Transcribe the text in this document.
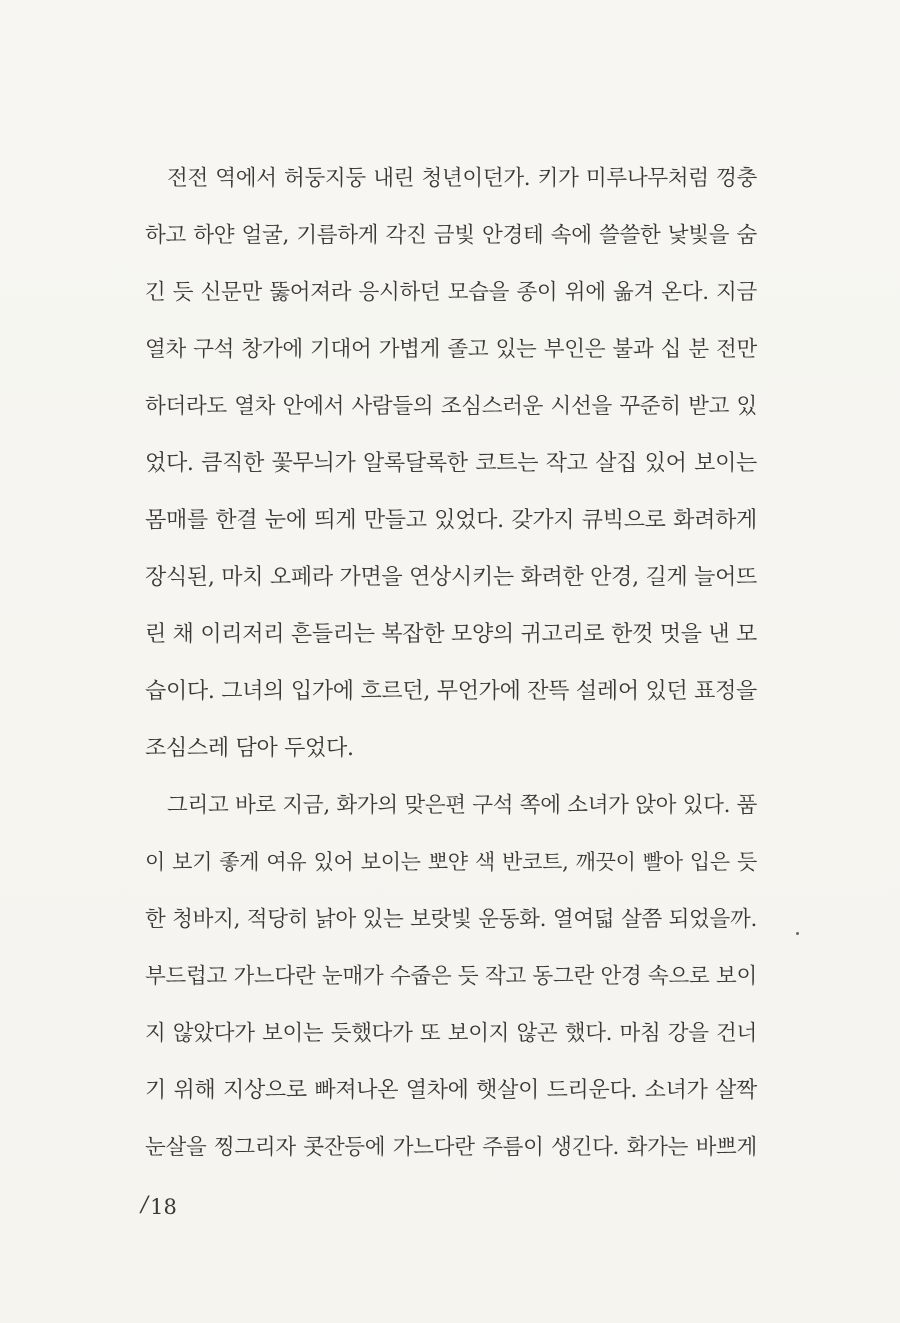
전전 역에서 허둥지둥 내린 청년이던가. 키가 미루나무처럼 껑충
하고 하얀 얼굴, 기름하게 각진 금빛 안경테 속에 쓸쓸한 낯빛을 숨
긴 듯 신문만 뚫어져라 응시하던 모습을 종이 위에 옮겨 온다. 지금
열차 구석 창가에 기대어 가볍게 졸고 있는 부인은 불과 십 분 전만
하더라도 열차 안에서 사람들의 조심스러운 시선을 꾸준히 받고 있
었다. 큼직한 꽃무늬가 알록달록한 코트는 작고 살집 있어 보이는
몸매를 한결 눈에 띄게 만들고 있었다. 갖가지 큐빅으로 화려하게
장식된, 마치 오페라 가면을 연상시키는 화려한 안경, 길게 늘어뜨
린 채 이리저리 흔들리는 복잡한 모양의 귀고리로 한껏 멋을 낸 모
습이다. 그녀의 입가에 흐르던, 무언가에 잔뜩 설레어 있던 표정을
조심스레 담아 두었다.
그리고 바로 지금, 화가의 맞은편 구석 쪽에 소녀가 앉아 있다. 품
이 보기 좋게 여유 있어 보이는 뽀얀 색 반코트, 깨끗이 빨아 입은 듯
한 청바지, 적당히 낡아 있는 보랏빛 운동화. 열여덟 살쯤 되었을까.
부드럽고 가느다란 눈매가 수줍은 듯 작고 동그란 안경 속으로 보이
지 않았다가 보이는 듯했다가 또 보이지 않곤 했다. 마침 강을 건너
기 위해 지상으로 빠져나온 열차에 햇살이 드리운다. 소녀가 살짝
눈살을 찡그리자 콧잔등에 가느다란 주름이 생긴다. 화가는 바쁘게
/18
